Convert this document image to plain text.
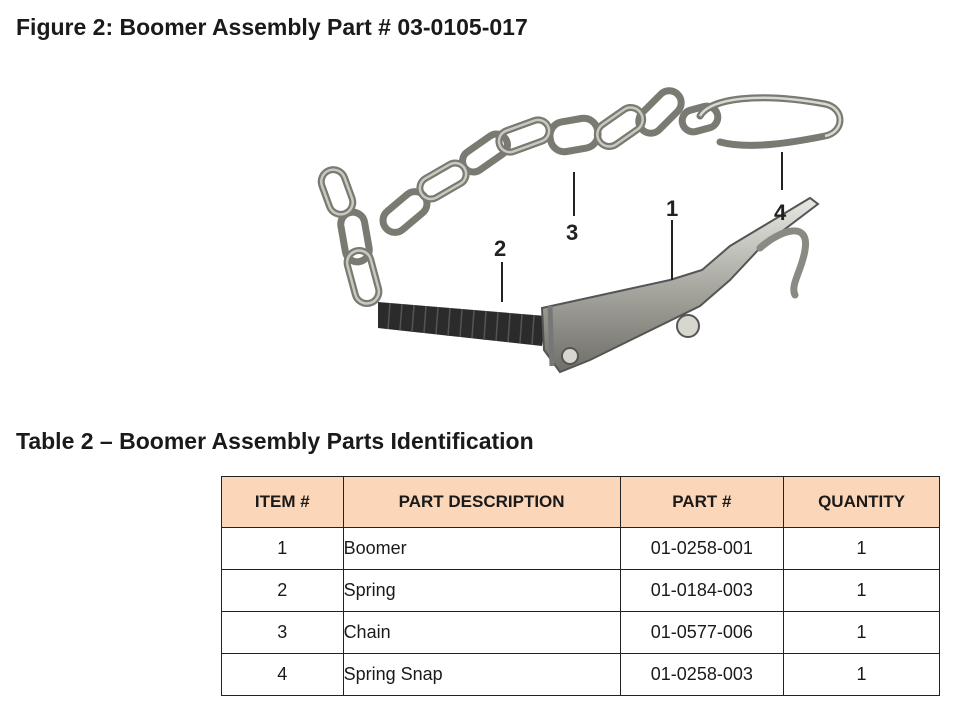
Figure 2: Boomer Assembly Part # 03-0105-017
1
2
3
4
Table 2 – Boomer Assembly Parts Identification
ITEM #	PART DESCRIPTION	PART #	QUANTITY
1	Boomer	01-0258-001	1
2	Spring	01-0184-003	1
3	Chain	01-0577-006	1
4	Spring Snap	01-0258-003	1
